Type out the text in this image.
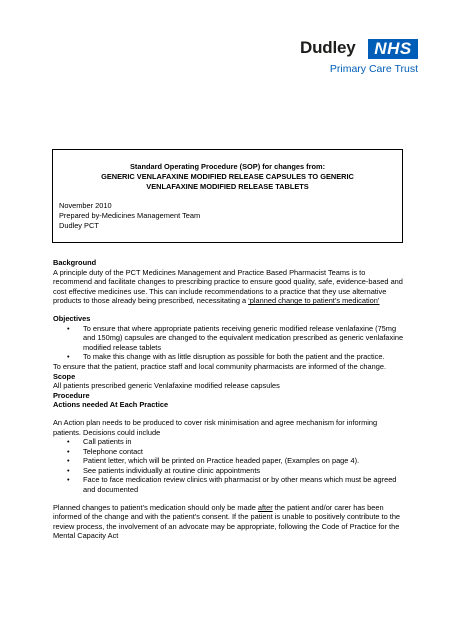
Dudley	NHS
Primary Care Trust
Standard Operating Procedure (SOP) for changes from:
GENERIC VENLAFAXINE MODIFIED RELEASE CAPSULES TO GENERIC
VENLAFAXINE MODIFIED RELEASE TABLETS
November 2010
Prepared by-Medicines Management Team
Dudley PCT

Background

A principle duty of the PCT Medicines Management and Practice Based Pharmacist Teams is to recommend and facilitate changes to prescribing practice to ensure good quality, safe, evidence-based and cost effective medicines use. This can include recommendations to a practice that they use alternative products to those already being prescribed, necessitating a ‘planned change to patient’s medication’

Objectives

• To ensure that where appropriate patients receiving generic modified release venlafaxine (75mg and 150mg) capsules are changed to the equivalent medication prescribed as generic venlafaxine modified release tablets
• To make this change with as little disruption as possible for both the patient and the practice.

To ensure that the patient, practice staff and local community pharmacists are informed of the change.

Scope

All patients prescribed generic Venlafaxine modified release capsules

Procedure

Actions needed At Each Practice

An Action plan needs to be produced to cover risk minimisation and agree mechanism for informing patients. Decisions could include

• Call patients in
• Telephone contact
• Patient letter, which will be printed on Practice headed paper, (Examples on page 4).
• See patients individually at routine clinic appointments
• Face to face medication review clinics with pharmacist or by other means which must be agreed and documented

Planned changes to patient’s medication should only be made after the patient and/or carer has been informed of the change and with the patient’s consent. If the patient is unable to positively contribute to the review process, the involvement of an advocate may be appropriate, following the Code of Practice for the Mental Capacity Act
